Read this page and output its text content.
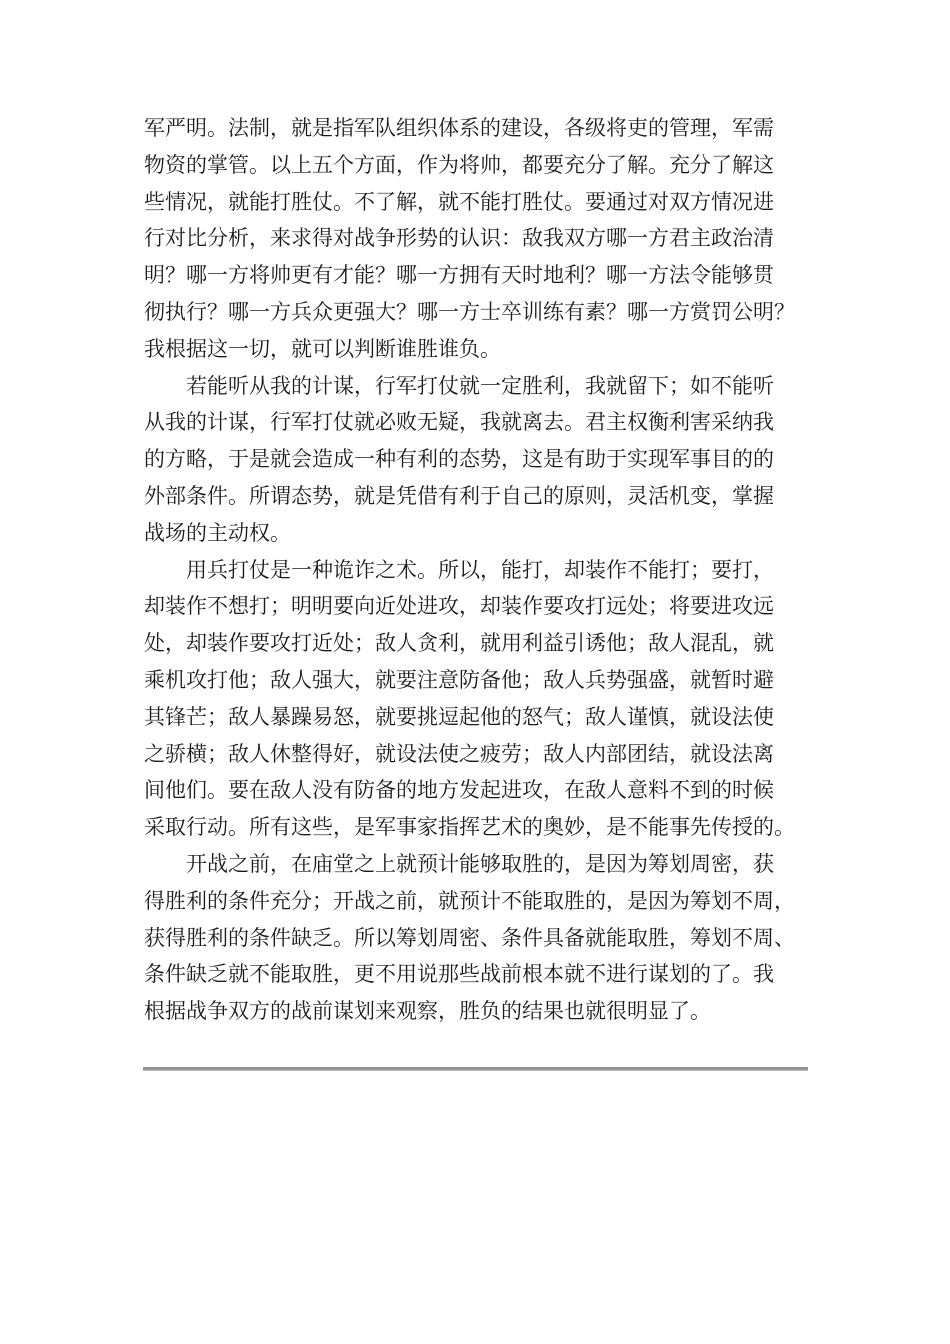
军严明。法制，就是指军队组织体系的建设，各级将吏的管理，军需
物资的掌管。以上五个方面，作为将帅，都要充分了解。充分了解这
些情况，就能打胜仗。不了解，就不能打胜仗。要通过对双方情况进
行对比分析，来求得对战争形势的认识：敌我双方哪一方君主政治清
明？哪一方将帅更有才能？哪一方拥有天时地利？哪一方法令能够贯
彻执行？哪一方兵众更强大？哪一方士卒训练有素？哪一方赏罚公明？
我根据这一切，就可以判断谁胜谁负。

　　若能听从我的计谋，行军打仗就一定胜利，我就留下；如不能听
从我的计谋，行军打仗就必败无疑，我就离去。君主权衡利害采纳我
的方略，于是就会造成一种有利的态势，这是有助于实现军事目的的
外部条件。所谓态势，就是凭借有利于自己的原则，灵活机变，掌握
战场的主动权。

　　用兵打仗是一种诡诈之术。所以，能打，却装作不能打；要打，
却装作不想打；明明要向近处进攻，却装作要攻打远处；将要进攻远
处，却装作要攻打近处；敌人贪利，就用利益引诱他；敌人混乱，就
乘机攻打他；敌人强大，就要注意防备他；敌人兵势强盛，就暂时避
其锋芒；敌人暴躁易怒，就要挑逗起他的怒气；敌人谨慎，就设法使
之骄横；敌人休整得好，就设法使之疲劳；敌人内部团结，就设法离
间他们。要在敌人没有防备的地方发起进攻，在敌人意料不到的时候
采取行动。所有这些，是军事家指挥艺术的奥妙，是不能事先传授的。

　　开战之前，在庙堂之上就预计能够取胜的，是因为筹划周密，获
得胜利的条件充分；开战之前，就预计不能取胜的，是因为筹划不周，
获得胜利的条件缺乏。所以筹划周密、条件具备就能取胜，筹划不周、
条件缺乏就不能取胜，更不用说那些战前根本就不进行谋划的了。我
根据战争双方的战前谋划来观察，胜负的结果也就很明显了。
